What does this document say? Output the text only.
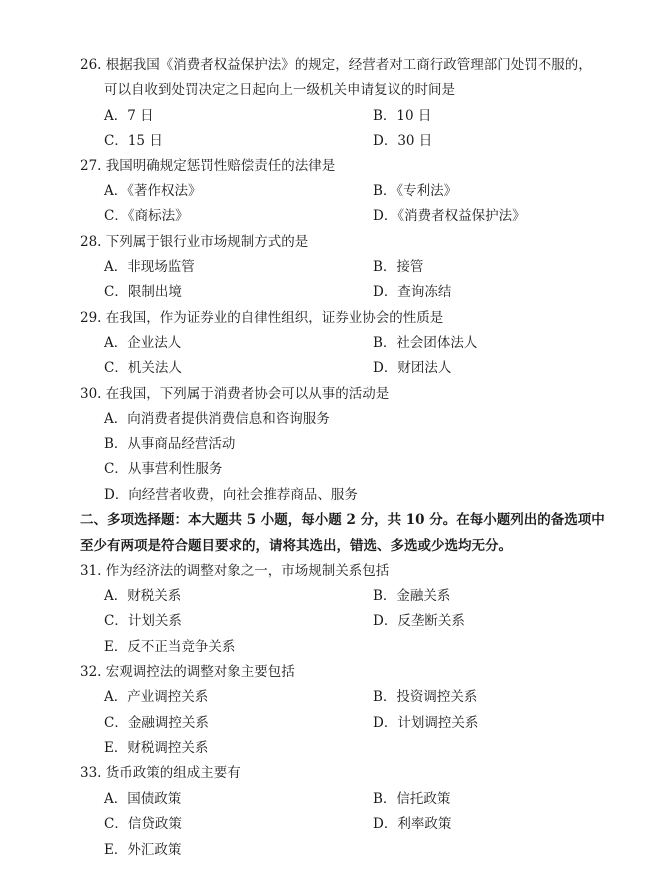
26. 根据我国《消费者权益保护法》的规定，经营者对工商行政管理部门处罚不服的，
可以自收到处罚决定之日起向上一级机关申请复议的时间是
A．7 日	B．10 日
C．15 日	D．30 日
27. 我国明确规定惩罚性赔偿责任的法律是
A．《著作权法》	B．《专利法》
C．《商标法》	D．《消费者权益保护法》
28. 下列属于银行业市场规制方式的是
A．非现场监管	B．接管
C．限制出境	D．查询冻结
29. 在我国，作为证券业的自律性组织，证券业协会的性质是
A．企业法人	B．社会团体法人
C．机关法人	D．财团法人
30. 在我国，下列属于消费者协会可以从事的活动是
A．向消费者提供消费信息和咨询服务
B．从事商品经营活动
C．从事营利性服务
D．向经营者收费，向社会推荐商品、服务
二、多项选择题：本大题共 5 小题，每小题 2 分，共 10 分。在每小题列出的备选项中
至少有两项是符合题目要求的，请将其选出，错选、多选或少选均无分。
31. 作为经济法的调整对象之一，市场规制关系包括
A．财税关系	B．金融关系
C．计划关系	D．反垄断关系
E．反不正当竞争关系
32. 宏观调控法的调整对象主要包括
A．产业调控关系	B．投资调控关系
C．金融调控关系	D．计划调控关系
E．财税调控关系
33. 货币政策的组成主要有
A．国债政策	B．信托政策
C．信贷政策	D．利率政策
E．外汇政策
